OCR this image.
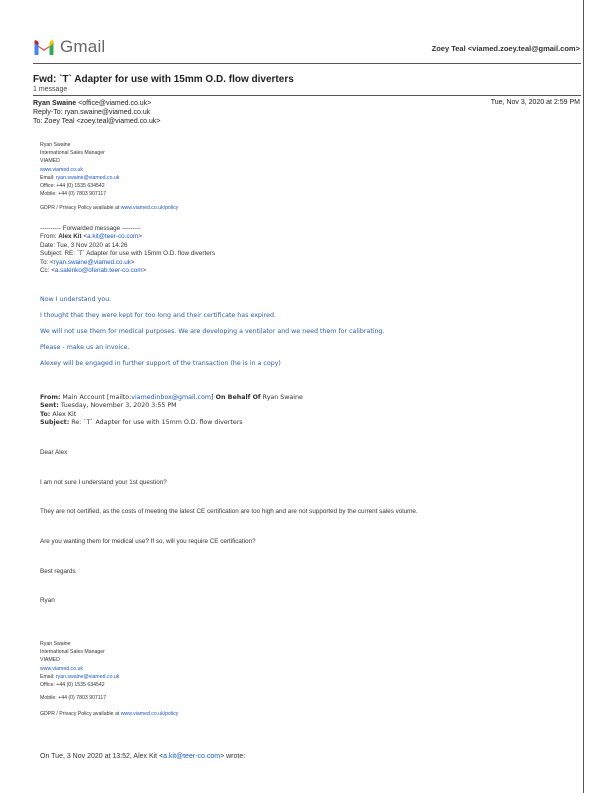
Gmail	Zoey Teal <viamed.zoey.teal@gmail.com>
Fwd: `T` Adapter for use with 15mm O.D. flow diverters
1 message
Ryan Swaine <office@viamed.co.uk>	Tue, Nov 3, 2020 at 2:59 PM
Reply-To: ryan.swaine@viamed.co.uk
To: Zoey Teal <zoey.teal@viamed.co.uk>
Ryan Swaine
International Sales Manager
VIAMED
www.viamed.co.uk
Email: ryan.swaine@viamed.co.uk
Office: +44 (0) 1535 634542
Mobile: +44 (0) 7803 907117
GDPR / Privacy Policy available at www.viamed.co.uk/policy
---------- Forwarded message ---------
From: Alex Kit <a.kit@teer-co.com>
Date: Tue, 3 Nov 2020 at 14:26
Subject: RE: `T` Adapter for use with 15mm O.D. flow diverters
To: <ryan.swaine@viamed.co.uk>
Cc: <a.salenko@ofenab.teer-co.com>
Now I understand you.
I thought that they were kept for too long and their certificate has expired.
We will not use them for medical purposes. We are developing a ventilator and we need them for calibrating.
Please - make us an invoice.
Alexey will be engaged in further support of the transaction (he is in a copy)
From: Main Account [mailto:viamedinbox@gmail.com] On Behalf Of Ryan Swaine
Sent: Tuesday, November 3, 2020 3:55 PM
To: Alex Kit
Subject: Re: `T` Adapter for use with 15mm O.D. flow diverters
Dear Alex
I am not sure I understand your 1st question?
They are not certified, as the costs of meeting the latest CE certification are too high and are not supported by the current sales volume.
Are you wanting them for medical use? If so, will you require CE certification?
Best regards
Ryan
Ryan Swaine
International Sales Manager
VIAMED
www.viamed.co.uk
Email: ryan.swaine@viamed.co.uk
Office: +44 (0) 1535 634542
Mobile: +44 (0) 7803 907117
GDPR / Privacy Policy available at www.viamed.co.uk/policy
On Tue, 3 Nov 2020 at 13:52, Alex Kit <a.kit@teer-co.com> wrote:
